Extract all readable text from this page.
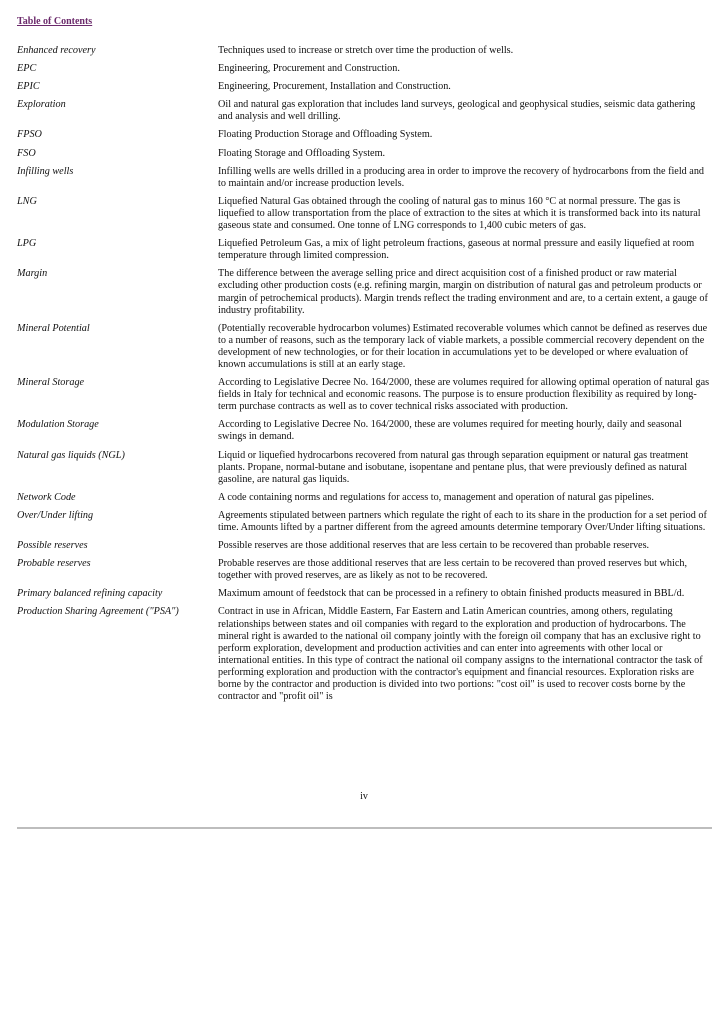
Table of Contents
Enhanced recovery	Techniques used to increase or stretch over time the production of wells.
EPC	Engineering, Procurement and Construction.
EPIC	Engineering, Procurement, Installation and Construction.
Exploration	Oil and natural gas exploration that includes land surveys, geological and geophysical studies, seismic data gathering and analysis and well drilling.
FPSO	Floating Production Storage and Offloading System.
FSO	Floating Storage and Offloading System.
Infilling wells	Infilling wells are wells drilled in a producing area in order to improve the recovery of hydrocarbons from the field and to maintain and/or increase production levels.
LNG	Liquefied Natural Gas obtained through the cooling of natural gas to minus 160 °C at normal pressure. The gas is liquefied to allow transportation from the place of extraction to the sites at which it is transformed back into its natural gaseous state and consumed. One tonne of LNG corresponds to 1,400 cubic meters of gas.
LPG	Liquefied Petroleum Gas, a mix of light petroleum fractions, gaseous at normal pressure and easily liquefied at room temperature through limited compression.
Margin	The difference between the average selling price and direct acquisition cost of a finished product or raw material excluding other production costs (e.g. refining margin, margin on distribution of natural gas and petroleum products or margin of petrochemical products). Margin trends reflect the trading environment and are, to a certain extent, a gauge of industry profitability.
Mineral Potential	(Potentially recoverable hydrocarbon volumes) Estimated recoverable volumes which cannot be defined as reserves due to a number of reasons, such as the temporary lack of viable markets, a possible commercial recovery dependent on the development of new technologies, or for their location in accumulations yet to be developed or where evaluation of known accumulations is still at an early stage.
Mineral Storage	According to Legislative Decree No. 164/2000, these are volumes required for allowing optimal operation of natural gas fields in Italy for technical and economic reasons. The purpose is to ensure production flexibility as required by long-term purchase contracts as well as to cover technical risks associated with production.
Modulation Storage	According to Legislative Decree No. 164/2000, these are volumes required for meeting hourly, daily and seasonal swings in demand.
Natural gas liquids (NGL)	Liquid or liquefied hydrocarbons recovered from natural gas through separation equipment or natural gas treatment plants. Propane, normal-butane and isobutane, isopentane and pentane plus, that were previously defined as natural gasoline, are natural gas liquids.
Network Code	A code containing norms and regulations for access to, management and operation of natural gas pipelines.
Over/Under lifting	Agreements stipulated between partners which regulate the right of each to its share in the production for a set period of time. Amounts lifted by a partner different from the agreed amounts determine temporary Over/Under lifting situations.
Possible reserves	Possible reserves are those additional reserves that are less certain to be recovered than probable reserves.
Probable reserves	Probable reserves are those additional reserves that are less certain to be recovered than proved reserves but which, together with proved reserves, are as likely as not to be recovered.
Primary balanced refining capacity	Maximum amount of feedstock that can be processed in a refinery to obtain finished products measured in BBL/d.
Production Sharing Agreement ("PSA")	Contract in use in African, Middle Eastern, Far Eastern and Latin American countries, among others, regulating relationships between states and oil companies with regard to the exploration and production of hydrocarbons. The mineral right is awarded to the national oil company jointly with the foreign oil company that has an exclusive right to perform exploration, development and production activities and can enter into agreements with other local or international entities. In this type of contract the national oil company assigns to the international contractor the task of performing exploration and production with the contractor's equipment and financial resources. Exploration risks are borne by the contractor and production is divided into two portions: "cost oil" is used to recover costs borne by the contractor and "profit oil" is
iv
